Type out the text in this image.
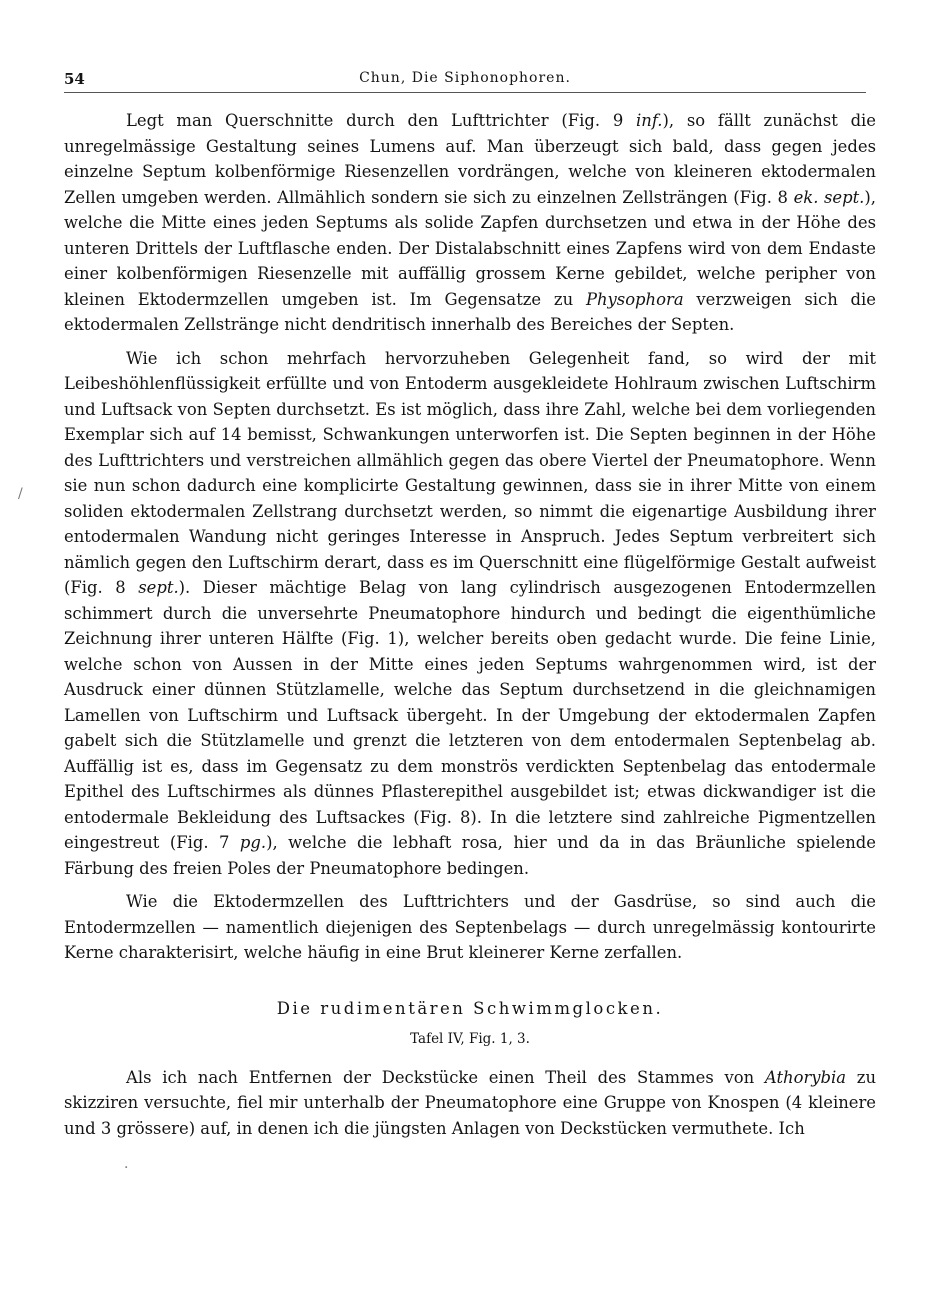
54	Chun, Die Siphonophoren.

Legt man Querschnitte durch den Lufttrichter (Fig. 9 inf.), so fällt zunächst die unregelmässige Gestaltung seines Lumens auf. Man überzeugt sich bald, dass gegen jedes einzelne Septum kolbenförmige Riesenzellen vordrängen, welche von kleineren ektodermalen Zellen umgeben werden. Allmählich sondern sie sich zu einzelnen Zellsträngen (Fig. 8 ek. sept.), welche die Mitte eines jeden Septums als solide Zapfen durchsetzen und etwa in der Höhe des unteren Drittels der Luftflasche enden. Der Distalabschnitt eines Zapfens wird von dem Endaste einer kolbenförmigen Riesenzelle mit auffällig grossem Kerne gebildet, welche peripher von kleinen Ektodermzellen umgeben ist. Im Gegensatze zu Physophora verzweigen sich die ektodermalen Zellstränge nicht dendritisch innerhalb des Bereiches der Septen.

Wie ich schon mehrfach hervorzuheben Gelegenheit fand, so wird der mit Leibeshöhlenflüssigkeit erfüllte und von Entoderm ausgekleidete Hohlraum zwischen Luftschirm und Luftsack von Septen durchsetzt. Es ist möglich, dass ihre Zahl, welche bei dem vorliegenden Exemplar sich auf 14 bemisst, Schwankungen unterworfen ist. Die Septen beginnen in der Höhe des Lufttrichters und verstreichen allmählich gegen das obere Viertel der Pneumatophore. Wenn sie nun schon dadurch eine komplicirte Gestaltung gewinnen, dass sie in ihrer Mitte von einem soliden ektodermalen Zellstrang durchsetzt werden, so nimmt die eigenartige Ausbildung ihrer entodermalen Wandung nicht geringes Interesse in Anspruch. Jedes Septum verbreitert sich nämlich gegen den Luftschirm derart, dass es im Querschnitt eine flügelförmige Gestalt aufweist (Fig. 8 sept.). Dieser mächtige Belag von lang cylindrisch ausgezogenen Entodermzellen schimmert durch die unversehrte Pneumatophore hindurch und bedingt die eigenthümliche Zeichnung ihrer unteren Hälfte (Fig. 1), welcher bereits oben gedacht wurde. Die feine Linie, welche schon von Aussen in der Mitte eines jeden Septums wahrgenommen wird, ist der Ausdruck einer dünnen Stützlamelle, welche das Septum durchsetzend in die gleichnamigen Lamellen von Luftschirm und Luftsack übergeht. In der Umgebung der ektodermalen Zapfen gabelt sich die Stützlamelle und grenzt die letzteren von dem entodermalen Septenbelag ab. Auffällig ist es, dass im Gegensatz zu dem monströs verdickten Septenbelag das entodermale Epithel des Luftschirmes als dünnes Pflasterepithel ausgebildet ist; etwas dickwandiger ist die entodermale Bekleidung des Luftsackes (Fig. 8). In die letztere sind zahlreiche Pigmentzellen eingestreut (Fig. 7 pg.), welche die lebhaft rosa, hier und da in das Bräunliche spielende Färbung des freien Poles der Pneumatophore bedingen.

Wie die Ektodermzellen des Lufttrichters und der Gasdrüse, so sind auch die Entodermzellen — namentlich diejenigen des Septenbelags — durch unregelmässig kontourirte Kerne charakterisirt, welche häufig in eine Brut kleinerer Kerne zerfallen.

Die rudimentären Schwimmglocken.
Tafel IV, Fig. 1, 3.

Als ich nach Entfernen der Deckstücke einen Theil des Stammes von Athorybia zu skizziren versuchte, fiel mir unterhalb der Pneumatophore eine Gruppe von Knospen (4 kleinere und 3 grössere) auf, in denen ich die jüngsten Anlagen von Deckstücken vermuthete. Ich

/
·
